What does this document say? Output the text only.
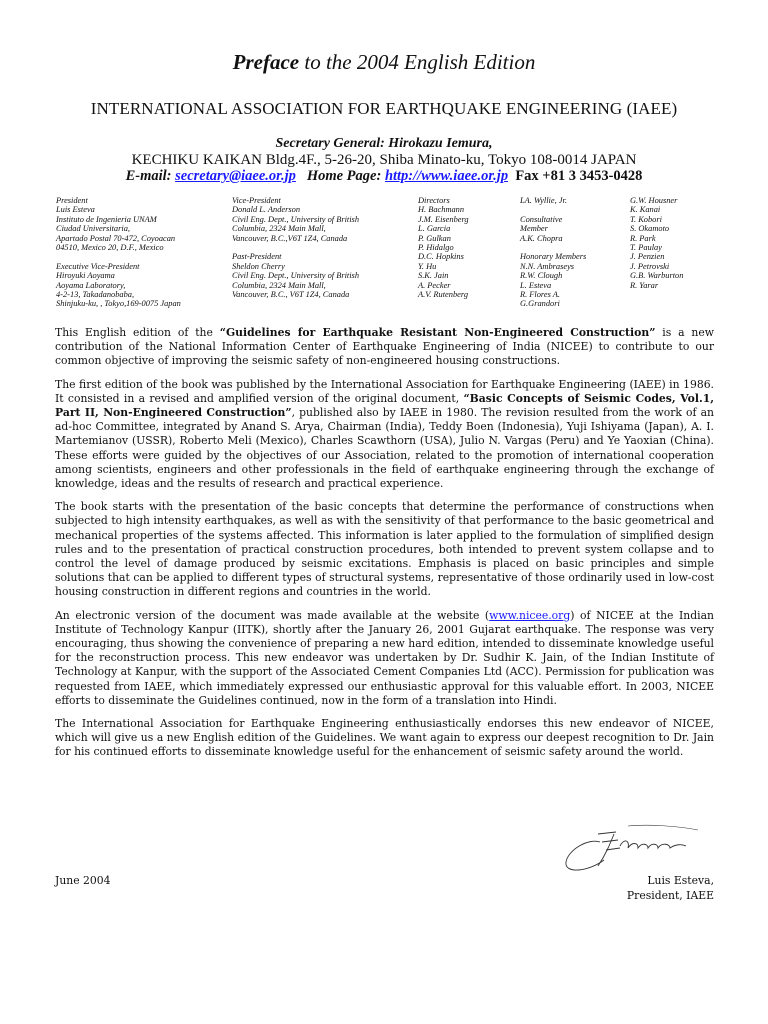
Preface to the 2004 English Edition
INTERNATIONAL ASSOCIATION FOR EARTHQUAKE ENGINEERING (IAEE)
Secretary General: Hirokazu Iemura,
KECHIKU KAIKAN Bldg.4F., 5-26-20, Shiba Minato-ku, Tokyo 108-0014 JAPAN
E-mail: secretary@iaee.or.jp Home Page: http://www.iaee.or.jp Fax +81 3 3453-0428
President
Luis Esteva
Instituto de Ingenieria UNAM
Ciudad Universitaria,
Apartado Postal 70-472, Coyoacan
04510, Mexico 20, D.F., Mexico

Executive Vice-President
Hiroyuki Aoyama
Aoyama Laboratory,
4-2-13, Takadanobaba,
Shinjuku-ku, , Tokyo,169-0075 Japan
Vice-President
Donald L. Anderson
Civil Eng. Dept., University of British
Columbia, 2324 Main Mall,
Vancouver, B.C.,V6T 1Z4, Canada

Past-President
Sheldon Cherry
Civil Eng. Dept., University of British
Columbia, 2324 Main Mall,
Vancouver, B.C., V6T 1Z4, Canada
Directors
H. Bachmann
J.M. Eisenberg
L. Garcia
P. Gulkan
P. Hidalgo
D.C. Hopkins
Y. Hu
S.K. Jain
A. Pecker
A.V. Rutenberg
LA. Wyllie, Jr.

Consultative
Member
A.K. Chopra

Honorary Members
N.N. Ambraseys
R.W. Clough
L. Esteva
R. Flores A.
G.Grandori
G.W. Housner
K. Kanai
T. Kobori
S. Okamoto
R. Park
T. Paulay
J. Penzien
J. Petrovski
G.B. Warburton
R. Yarar

This English edition of the “Guidelines for Earthquake Resistant Non-Engineered Construction” is a new contribution of the National Information Center of Earthquake Engineering of India (NICEE) to contribute to our common objective of improving the seismic safety of non-engineered housing constructions.

The first edition of the book was published by the International Association for Earthquake Engineering (IAEE) in 1986. It consisted in a revised and amplified version of the original document, “Basic Concepts of Seismic Codes, Vol.1, Part II, Non-Engineered Construction”, published also by IAEE in 1980. The revision resulted from the work of an ad-hoc Committee, integrated by Anand S. Arya, Chairman (India), Teddy Boen (Indonesia), Yuji Ishiyama (Japan), A. I. Martemianov (USSR), Roberto Meli (Mexico), Charles Scawthorn (USA), Julio N. Vargas (Peru) and Ye Yaoxian (China). These efforts were guided by the objectives of our Association, related to the promotion of international cooperation among scientists, engineers and other professionals in the field of earthquake engineering through the exchange of knowledge, ideas and the results of research and practical experience.

The book starts with the presentation of the basic concepts that determine the performance of constructions when subjected to high intensity earthquakes, as well as with the sensitivity of that performance to the basic geometrical and mechanical properties of the systems affected. This information is later applied to the formulation of simplified design rules and to the presentation of practical construction procedures, both intended to prevent system collapse and to control the level of damage produced by seismic excitations. Emphasis is placed on basic principles and simple solutions that can be applied to different types of structural systems, representative of those ordinarily used in low-cost housing construction in different regions and countries in the world.

An electronic version of the document was made available at the website (www.nicee.org) of NICEE at the Indian Institute of Technology Kanpur (IITK), shortly after the January 26, 2001 Gujarat earthquake. The response was very encouraging, thus showing the convenience of preparing a new hard edition, intended to disseminate knowledge useful for the reconstruction process. This new endeavor was undertaken by Dr. Sudhir K. Jain, of the Indian Institute of Technology at Kanpur, with the support of the Associated Cement Companies Ltd (ACC). Permission for publication was requested from IAEE, which immediately expressed our enthusiastic approval for this valuable effort. In 2003, NICEE efforts to disseminate the Guidelines continued, now in the form of a translation into Hindi.

The International Association for Earthquake Engineering enthusiastically endorses this new endeavor of NICEE, which will give us a new English edition of the Guidelines. We want again to express our deepest recognition to Dr. Jain for his continued efforts to disseminate knowledge useful for the enhancement of seismic safety around the world.

June 2004	Luis Esteva,
President, IAEE
